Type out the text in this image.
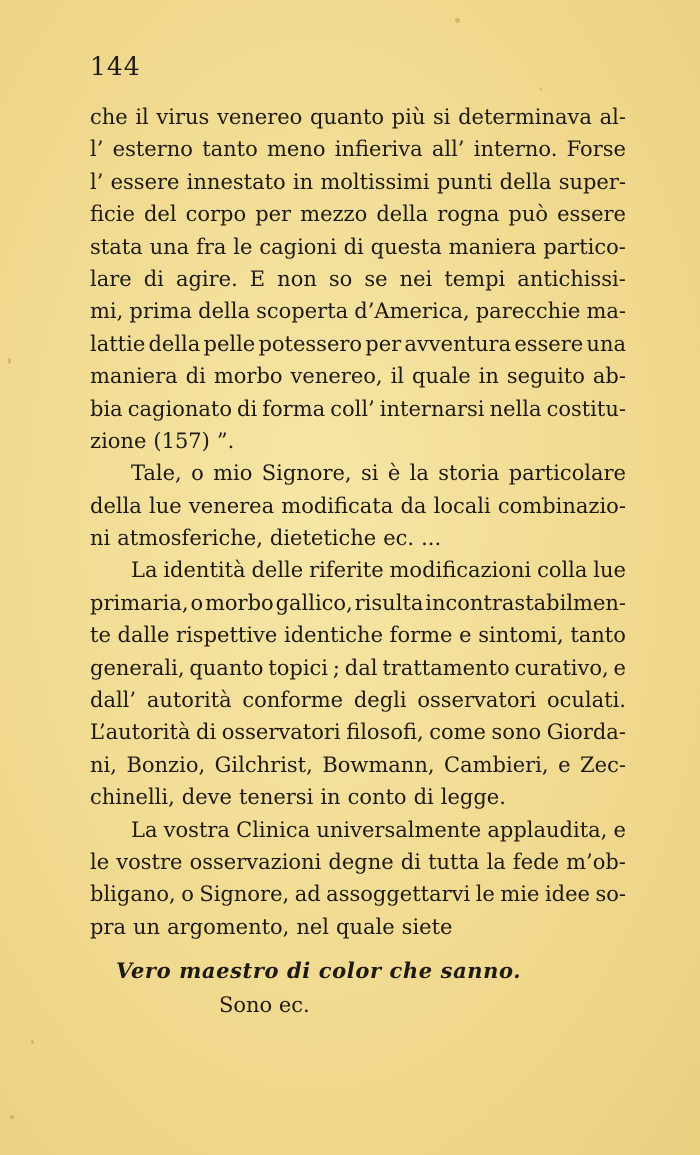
144
che il virus venereo quanto più si determinava al-
l’ esterno tanto meno infieriva all’ interno. Forse
l’ essere innestato in moltissimi punti della super-
ficie del corpo per mezzo della rogna può essere
stata una fra le cagioni di questa maniera partico-
lare di agire. E non so se nei tempi antichissi-
mi, prima della scoperta d’America, parecchie ma-
lattie della pelle potessero per avventura essere una
maniera di morbo venereo, il quale in seguito ab-
bia cagionato di forma coll’ internarsi nella costitu-
zione (157) ”.
Tale, o mio Signore, si è la storia particolare
della lue venerea modificata da locali combinazio-
ni atmosferiche, dietetiche ec. ...
La identità delle riferite modificazioni colla lue
primaria, o morbo gallico, risulta incontrastabilmen-
te dalle rispettive identiche forme e sintomi, tanto
generali, quanto topici ; dal trattamento curativo, e
dall’ autorità conforme degli osservatori oculati.
L’autorità di osservatori filosofi, come sono Giorda-
ni, Bonzio, Gilchrist, Bowmann, Cambieri, e Zec-
chinelli, deve tenersi in conto di legge.
La vostra Clinica universalmente applaudita, e
le vostre osservazioni degne di tutta la fede m’ob-
bligano, o Signore, ad assoggettarvi le mie idee so-
pra un argomento, nel quale siete
Vero maestro di color che sanno.
Sono ec.
